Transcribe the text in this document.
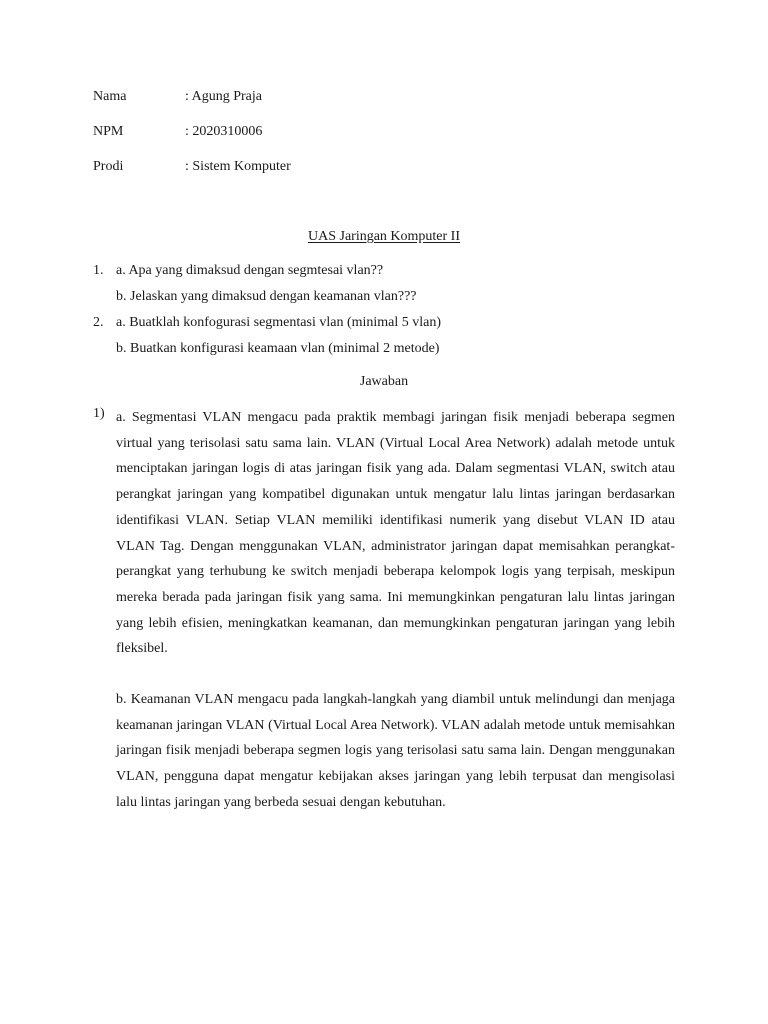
Nama	: Agung Praja
NPM	: 2020310006
Prodi	: Sistem Komputer
UAS Jaringan Komputer II
1. a. Apa yang dimaksud dengan segmtesai vlan??
b. Jelaskan yang dimaksud dengan keamanan vlan???
2. a. Buatklah konfogurasi segmentasi vlan (minimal 5 vlan)
b. Buatkan konfigurasi keamaan vlan (minimal 2 metode)
Jawaban
1) a. Segmentasi VLAN mengacu pada praktik membagi jaringan fisik menjadi beberapa segmen virtual yang terisolasi satu sama lain. VLAN (Virtual Local Area Network) adalah metode untuk menciptakan jaringan logis di atas jaringan fisik yang ada. Dalam segmentasi VLAN, switch atau perangkat jaringan yang kompatibel digunakan untuk mengatur lalu lintas jaringan berdasarkan identifikasi VLAN. Setiap VLAN memiliki identifikasi numerik yang disebut VLAN ID atau VLAN Tag. Dengan menggunakan VLAN, administrator jaringan dapat memisahkan perangkat-perangkat yang terhubung ke switch menjadi beberapa kelompok logis yang terpisah, meskipun mereka berada pada jaringan fisik yang sama. Ini memungkinkan pengaturan lalu lintas jaringan yang lebih efisien, meningkatkan keamanan, dan memungkinkan pengaturan jaringan yang lebih fleksibel.

b. Keamanan VLAN mengacu pada langkah-langkah yang diambil untuk melindungi dan menjaga keamanan jaringan VLAN (Virtual Local Area Network). VLAN adalah metode untuk memisahkan jaringan fisik menjadi beberapa segmen logis yang terisolasi satu sama lain. Dengan menggunakan VLAN, pengguna dapat mengatur kebijakan akses jaringan yang lebih terpusat dan mengisolasi lalu lintas jaringan yang berbeda sesuai dengan kebutuhan.
